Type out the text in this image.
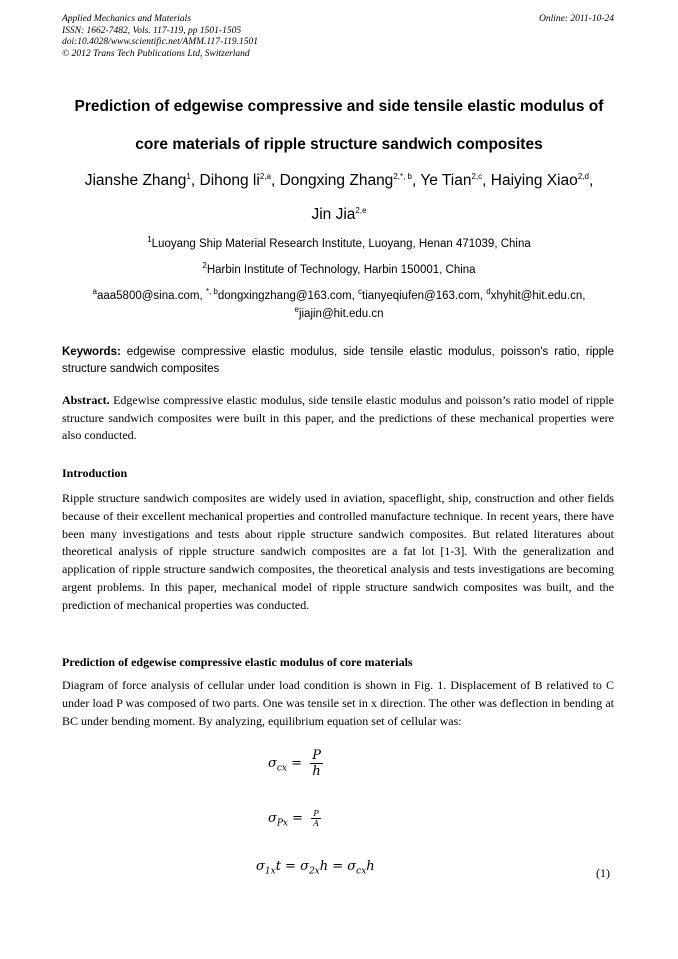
Applied Mechanics and Materials
ISSN: 1662-7482, Vols. 117-119, pp 1501-1505
doi:10.4028/www.scientific.net/AMM.117-119.1501
© 2012 Trans Tech Publications Ltd, Switzerland
Online: 2011-10-24
Prediction of edgewise compressive and side tensile elastic modulus of
core materials of ripple structure sandwich composites
Jianshe Zhang$^1$, Dihong li$^{2,a}$, Dongxing Zhang$^{2,*, b}$, Ye Tian$^{2,c}$, Haiying Xiao$^{2,d}$,
Jin Jia$^{2,e}$
$^1$Luoyang Ship Material Research Institute, Luoyang, Henan 471039, China
$^2$Harbin Institute of Technology, Harbin 150001, China
$^a$aaa5800@sina.com, $^{*, b}$dongxingzhang@163.com, $^c$tianyeqiufen@163.com, $^d$xhyhit@hit.edu.cn,
$^e$jiajin@hit.edu.cn
Keywords: edgewise compressive elastic modulus, side tensile elastic modulus, poisson's ratio, ripple structure sandwich composites
Abstract. Edgewise compressive elastic modulus, side tensile elastic modulus and poisson’s ratio model of ripple structure sandwich composites were built in this paper, and the predictions of these mechanical properties were also conducted.
Introduction
Ripple structure sandwich composites are widely used in aviation, spaceflight, ship, construction and other fields because of their excellent mechanical properties and controlled manufacture technique. In recent years, there have been many investigations and tests about ripple structure sandwich composites. But related literatures about theoretical analysis of ripple structure sandwich composites are a fat lot [1-3]. With the generalization and application of ripple structure sandwich composites, the theoretical analysis and tests investigations are becoming argent problems. In this paper, mechanical model of ripple structure sandwich composites was built, and the prediction of mechanical properties was conducted.
Prediction of edgewise compressive elastic modulus of core materials
Diagram of force analysis of cellular under load condition is shown in Fig. 1. Displacement of B relatived to C under load P was composed of two parts. One was tensile set in x direction. The other was deflection in bending at BC under bending moment. By analyzing, equilibrium equation set of cellular was:
$\sigma_{cx} = \frac{P}{h}$
$\sigma_{Px} = \frac{P}{A}$
$\sigma_{1x}t = \sigma_{2x}h = \sigma_{cx}h$	(1)
